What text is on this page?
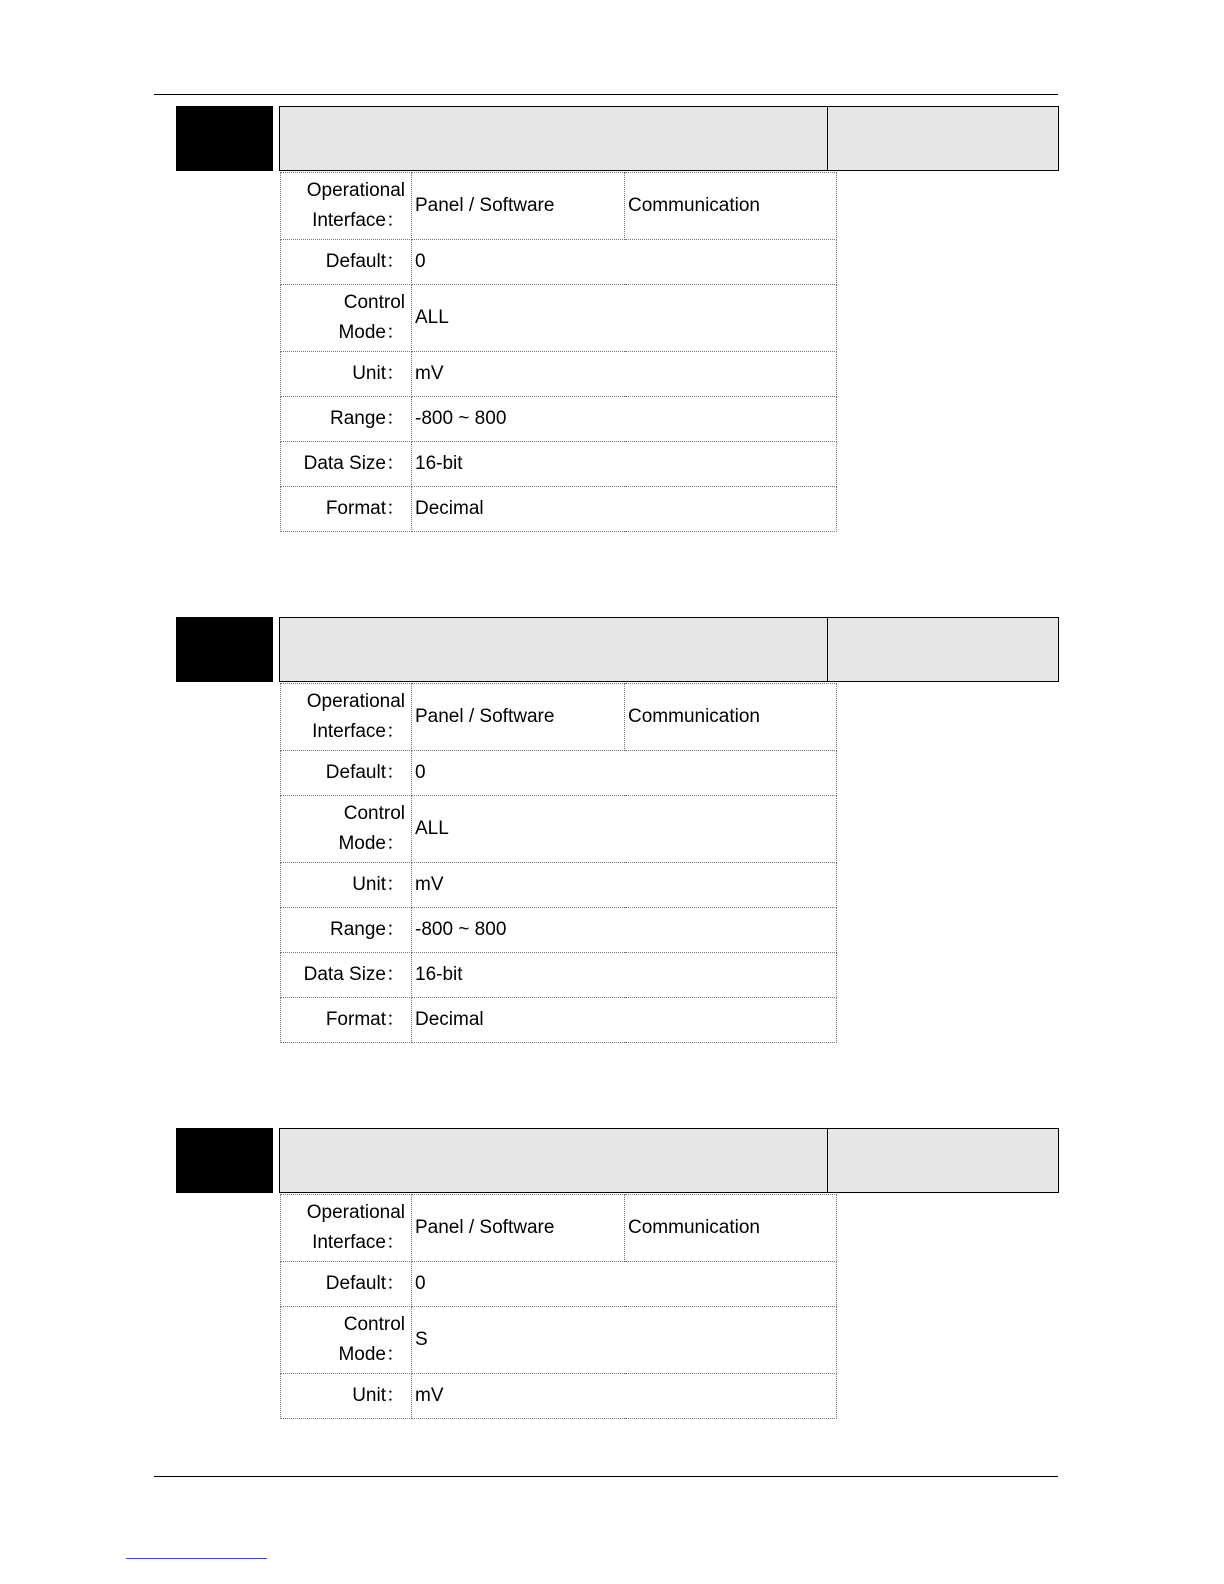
Operational
Interface：	Panel / Software	Communication
Default：	0	
Control
Mode：	ALL	
Unit：	mV	
Range：	-800 ~ 800	
Data Size：	16-bit	
Format：	Decimal	
Operational
Interface：	Panel / Software	Communication
Default：	0	
Control
Mode：	ALL	
Unit：	mV	
Range：	-800 ~ 800	
Data Size：	16-bit	
Format：	Decimal	
Operational
Interface：	Panel / Software	Communication
Default：	0	
Control
Mode：	S	
Unit：	mV	
